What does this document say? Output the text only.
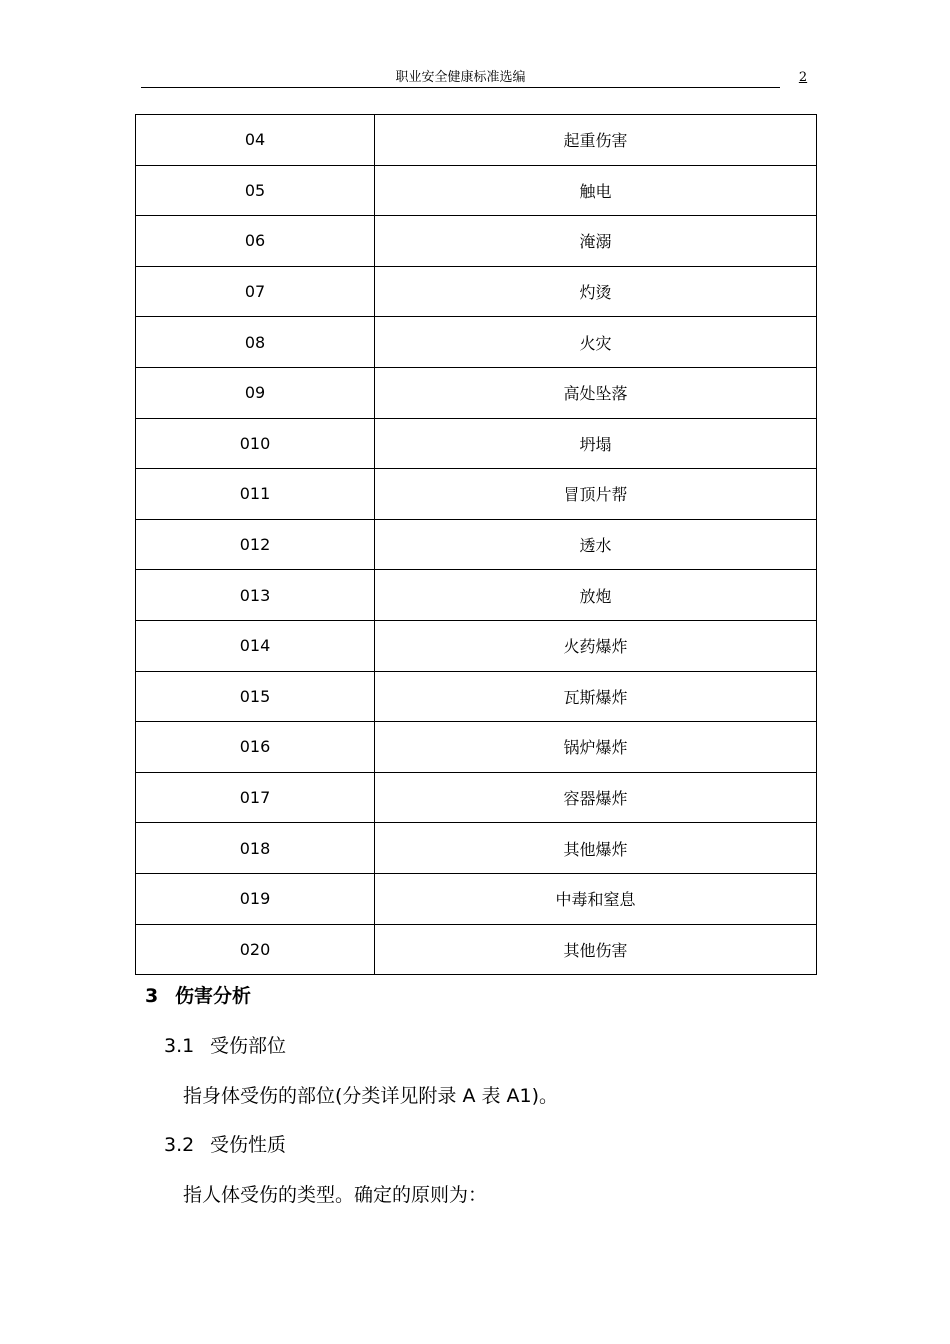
职业安全健康标准选编	2
04	起重伤害
05	触电
06	淹溺
07	灼烫
08	火灾
09	高处坠落
010	坍塌
011	冒顶片帮
012	透水
013	放炮
014	火药爆炸
015	瓦斯爆炸
016	锅炉爆炸
017	容器爆炸
018	其他爆炸
019	中毒和窒息
020	其他伤害
3 伤害分析
3.1 受伤部位
指身体受伤的部位(分类详见附录 A 表 A1)。
3.2 受伤性质
指人体受伤的类型。确定的原则为：
